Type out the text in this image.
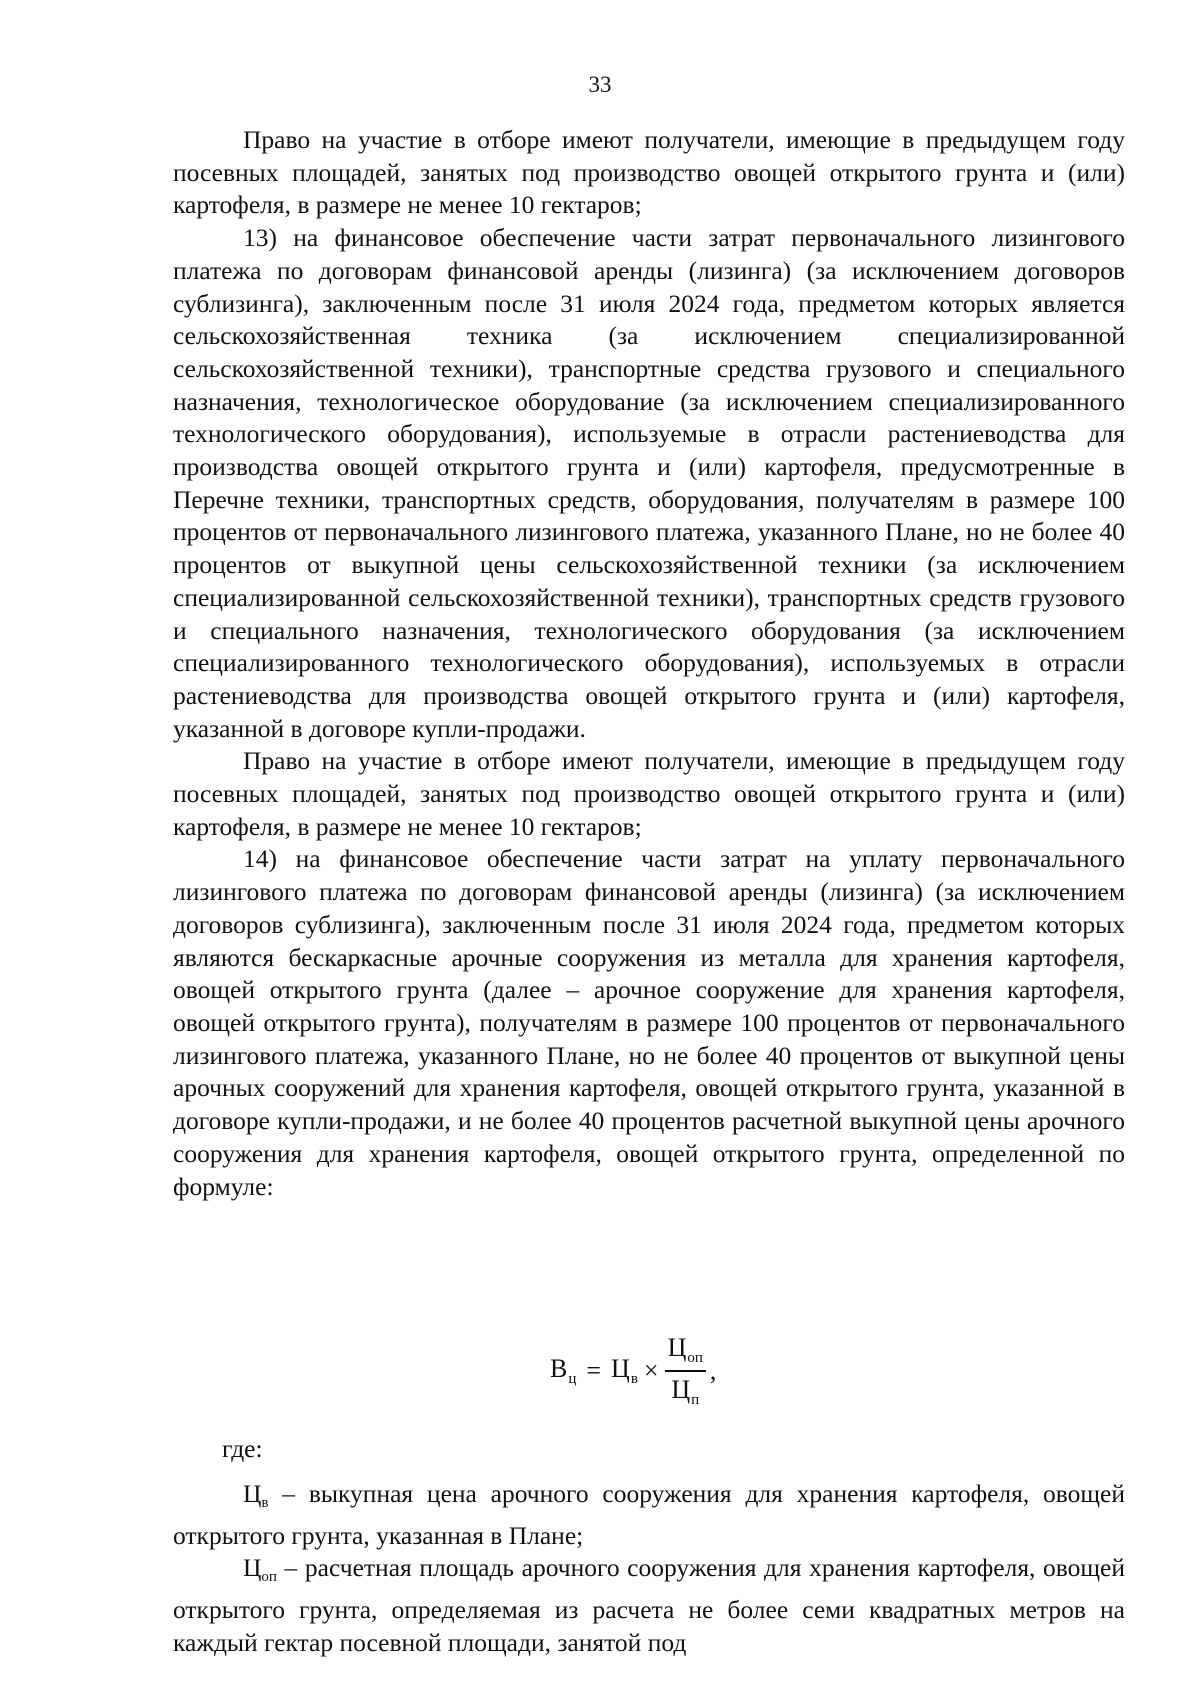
33

Право на участие в отборе имеют получатели, имеющие в предыдущем году посевных площадей, занятых под производство овощей открытого грунта и (или) картофеля, в размере не менее 10 гектаров;

13) на финансовое обеспечение части затрат первоначального лизингового платежа по договорам финансовой аренды (лизинга) (за исключением договоров сублизинга), заключенным после 31 июля 2024 года, предметом которых является сельскохозяйственная техника (за исключением специализированной сельскохозяйственной техники), транспортные средства грузового и специального назначения, технологическое оборудование (за исключением специализированного технологического оборудования), используемые в отрасли растениеводства для производства овощей открытого грунта и (или) картофеля, предусмотренные в Перечне техники, транспортных средств, оборудования, получателям в размере 100 процентов от первоначального лизингового платежа, указанного Плане, но не более 40 процентов от выкупной цены сельскохозяйственной техники (за исключением специализированной сельскохозяйственной техники), транспортных средств грузового и специального назначения, технологического оборудования (за исключением специализированного технологического оборудования), используемых в отрасли растениеводства для производства овощей открытого грунта и (или) картофеля, указанной в договоре купли-продажи.

Право на участие в отборе имеют получатели, имеющие в предыдущем году посевных площадей, занятых под производство овощей открытого грунта и (или) картофеля, в размере не менее 10 гектаров;

14) на финансовое обеспечение части затрат на уплату первоначального лизингового платежа по договорам финансовой аренды (лизинга) (за исключением договоров сублизинга), заключенным после 31 июля 2024 года, предметом которых являются бескаркасные арочные сооружения из металла для хранения картофеля, овощей открытого грунта (далее – арочное сооружение для хранения картофеля, овощей открытого грунта), получателям в размере 100 процентов от первоначального лизингового платежа, указанного Плане, но не более 40 процентов от выкупной цены арочных сооружений для хранения картофеля, овощей открытого грунта, указанной в договоре купли-продажи, и не более 40 процентов расчетной выкупной цены арочного сооружения для хранения картофеля, овощей открытого грунта, определенной по формуле:

$В_ц = Ц_в \times \frac{Ц_{оп}}{Ц_п}$ ,
где:

$Ц_в$ – выкупная цена арочного сооружения для хранения картофеля, овощей открытого грунта, указанная в Плане;

$Ц_{оп}$ – расчетная площадь арочного сооружения для хранения картофеля, овощей открытого грунта, определяемая из расчета не более семи квадратных метров на каждый гектар посевной площади, занятой под
